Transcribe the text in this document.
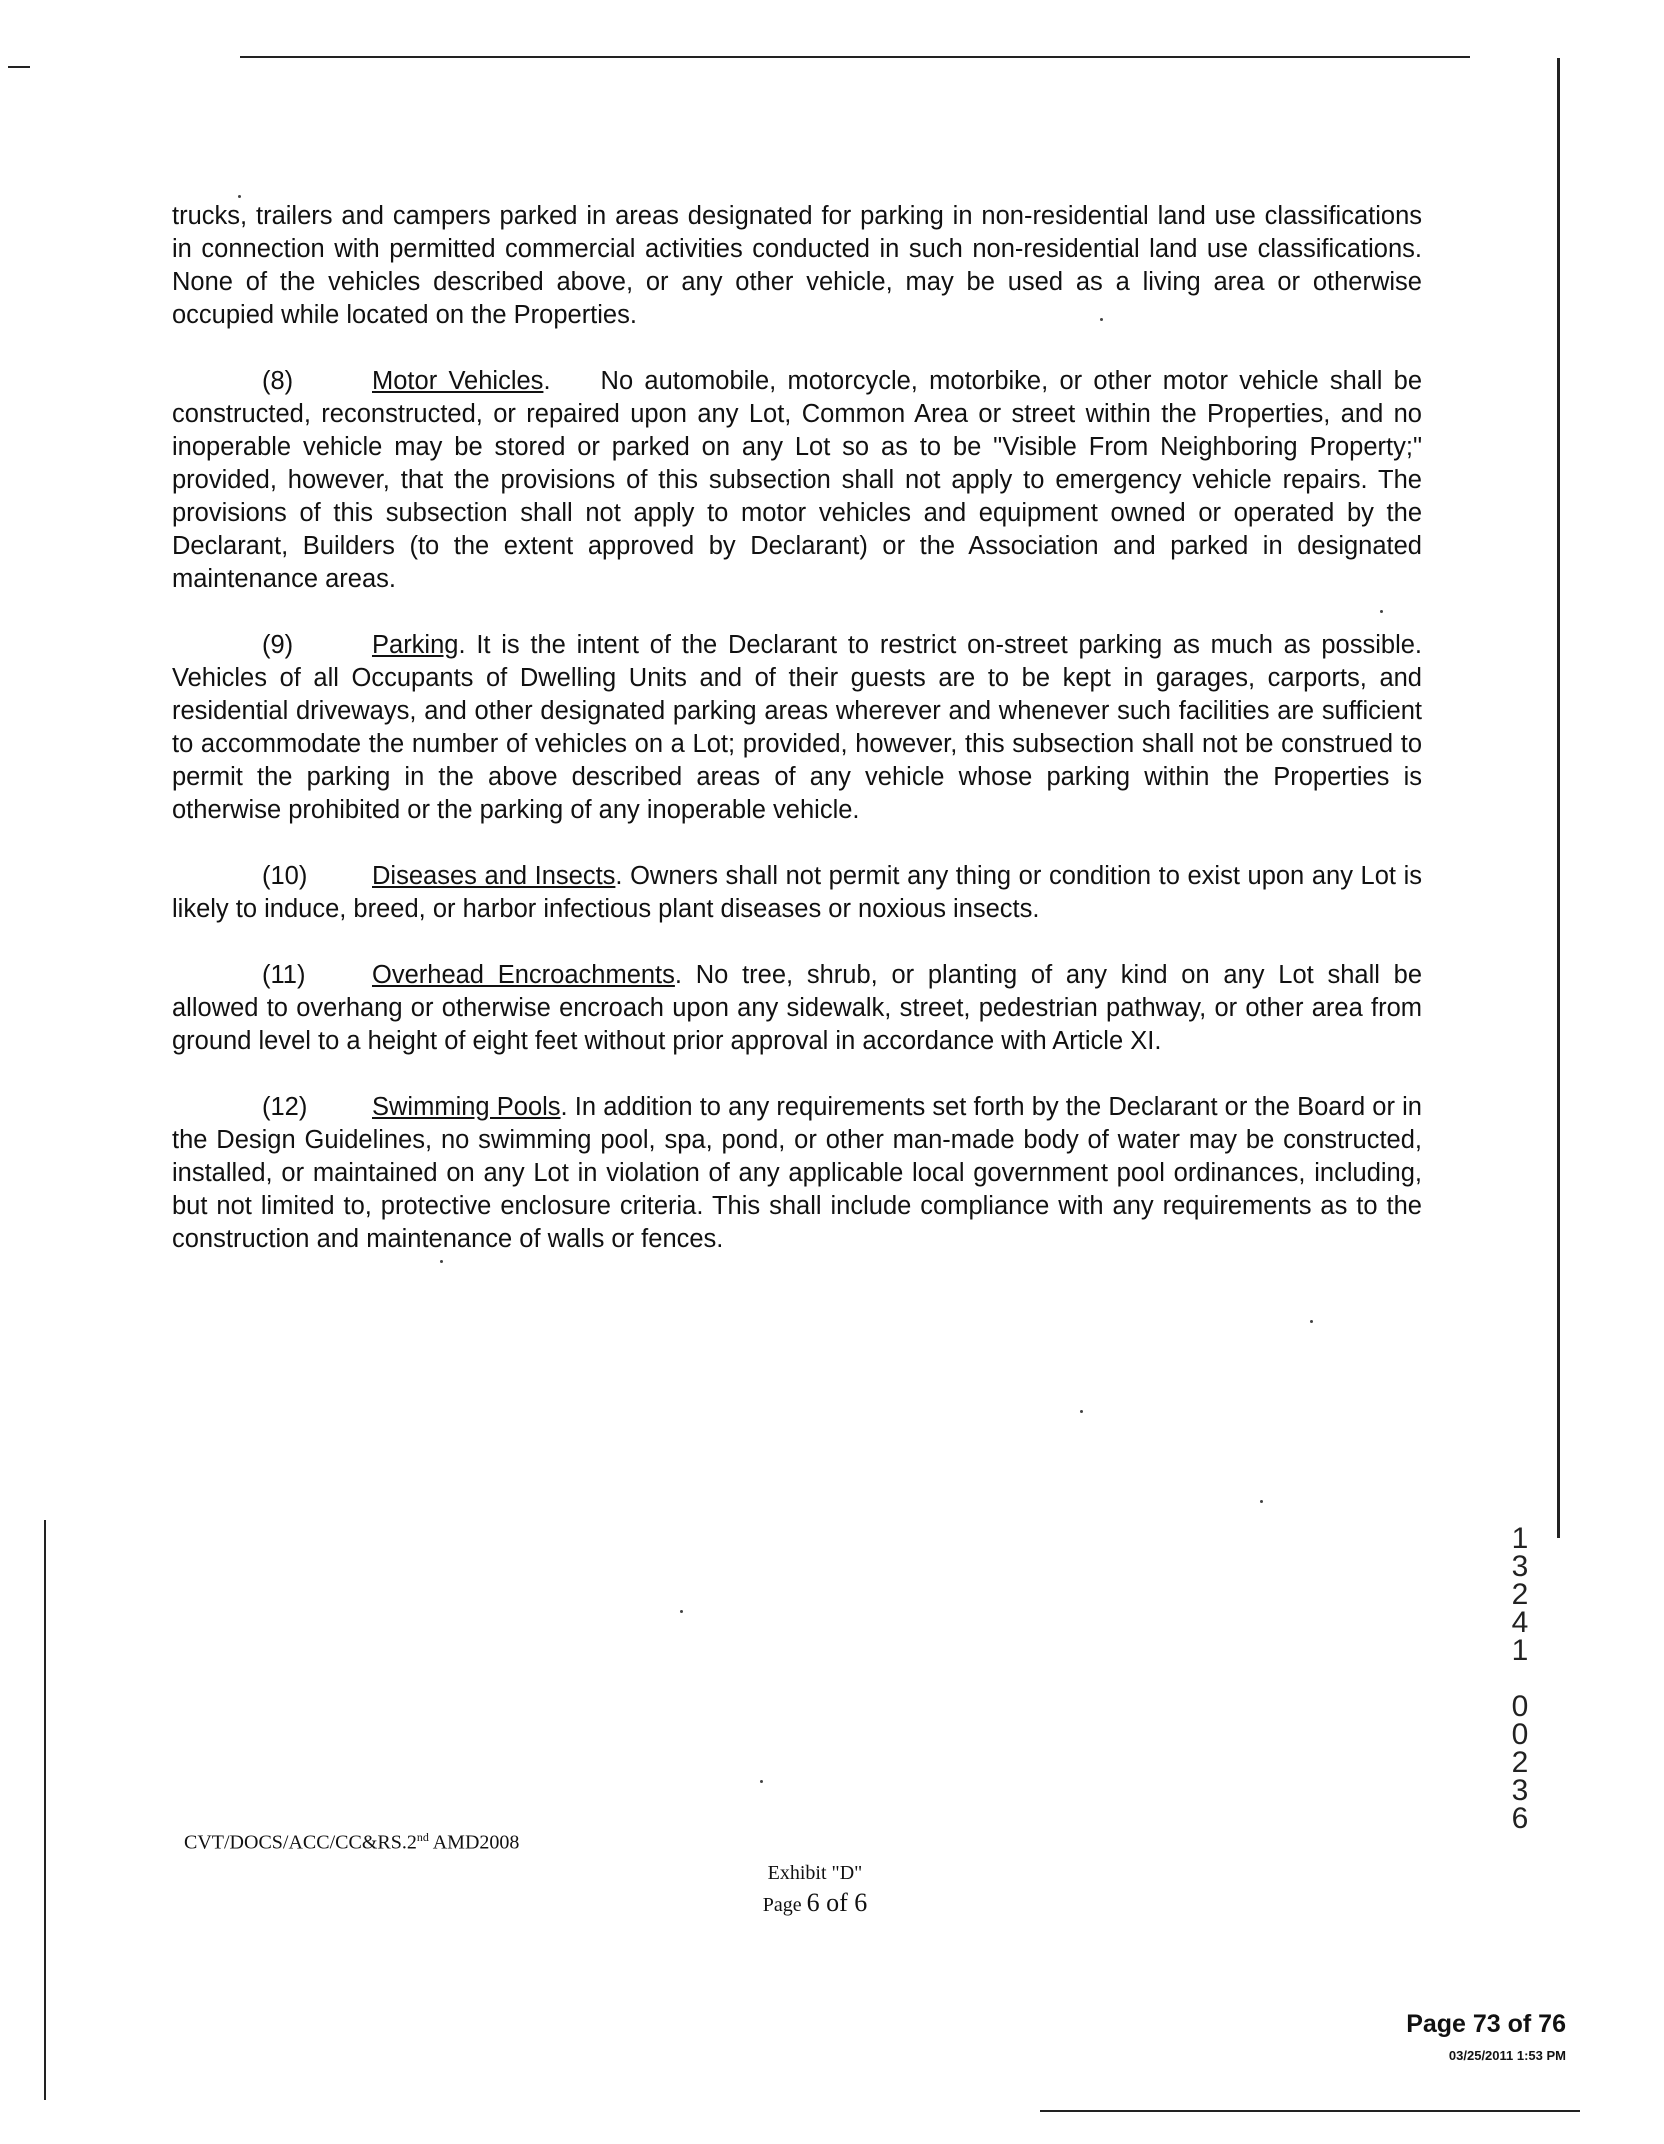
trucks, trailers and campers parked in areas designated for parking in non-residential land use classifications in connection with permitted commercial activities conducted in such non-residential land use classifications. None of the vehicles described above, or any other vehicle, may be used as a living area or otherwise occupied while located on the Properties.

(8)	Motor Vehicles. No automobile, motorcycle, motorbike, or other motor vehicle shall be constructed, reconstructed, or repaired upon any Lot, Common Area or street within the Properties, and no inoperable vehicle may be stored or parked on any Lot so as to be "Visible From Neighboring Property;" provided, however, that the provisions of this subsection shall not apply to emergency vehicle repairs. The provisions of this subsection shall not apply to motor vehicles and equipment owned or operated by the Declarant, Builders (to the extent approved by Declarant) or the Association and parked in designated maintenance areas.

(9)	Parking. It is the intent of the Declarant to restrict on-street parking as much as possible. Vehicles of all Occupants of Dwelling Units and of their guests are to be kept in garages, carports, and residential driveways, and other designated parking areas wherever and whenever such facilities are sufficient to accommodate the number of vehicles on a Lot; provided, however, this subsection shall not be construed to permit the parking in the above described areas of any vehicle whose parking within the Properties is otherwise prohibited or the parking of any inoperable vehicle.

(10)	Diseases and Insects. Owners shall not permit any thing or condition to exist upon any Lot is likely to induce, breed, or harbor infectious plant diseases or noxious insects.

(11)	Overhead Encroachments. No tree, shrub, or planting of any kind on any Lot shall be allowed to overhang or otherwise encroach upon any sidewalk, street, pedestrian pathway, or other area from ground level to a height of eight feet without prior approval in accordance with Article XI.

(12)	Swimming Pools. In addition to any requirements set forth by the Declarant or the Board or in the Design Guidelines, no swimming pool, spa, pond, or other man-made body of water may be constructed, installed, or maintained on any Lot in violation of any applicable local government pool ordinances, including, but not limited to, protective enclosure criteria. This shall include compliance with any requirements as to the construction and maintenance of walls or fences.

CVT/DOCS/ACC/CC&RS.2nd AMD2008
Exhibit "D"
Page 6 of 6
1
3
2
4
1

0
0
2
3
6
Page 73 of 76
03/25/2011 1:53 PM
